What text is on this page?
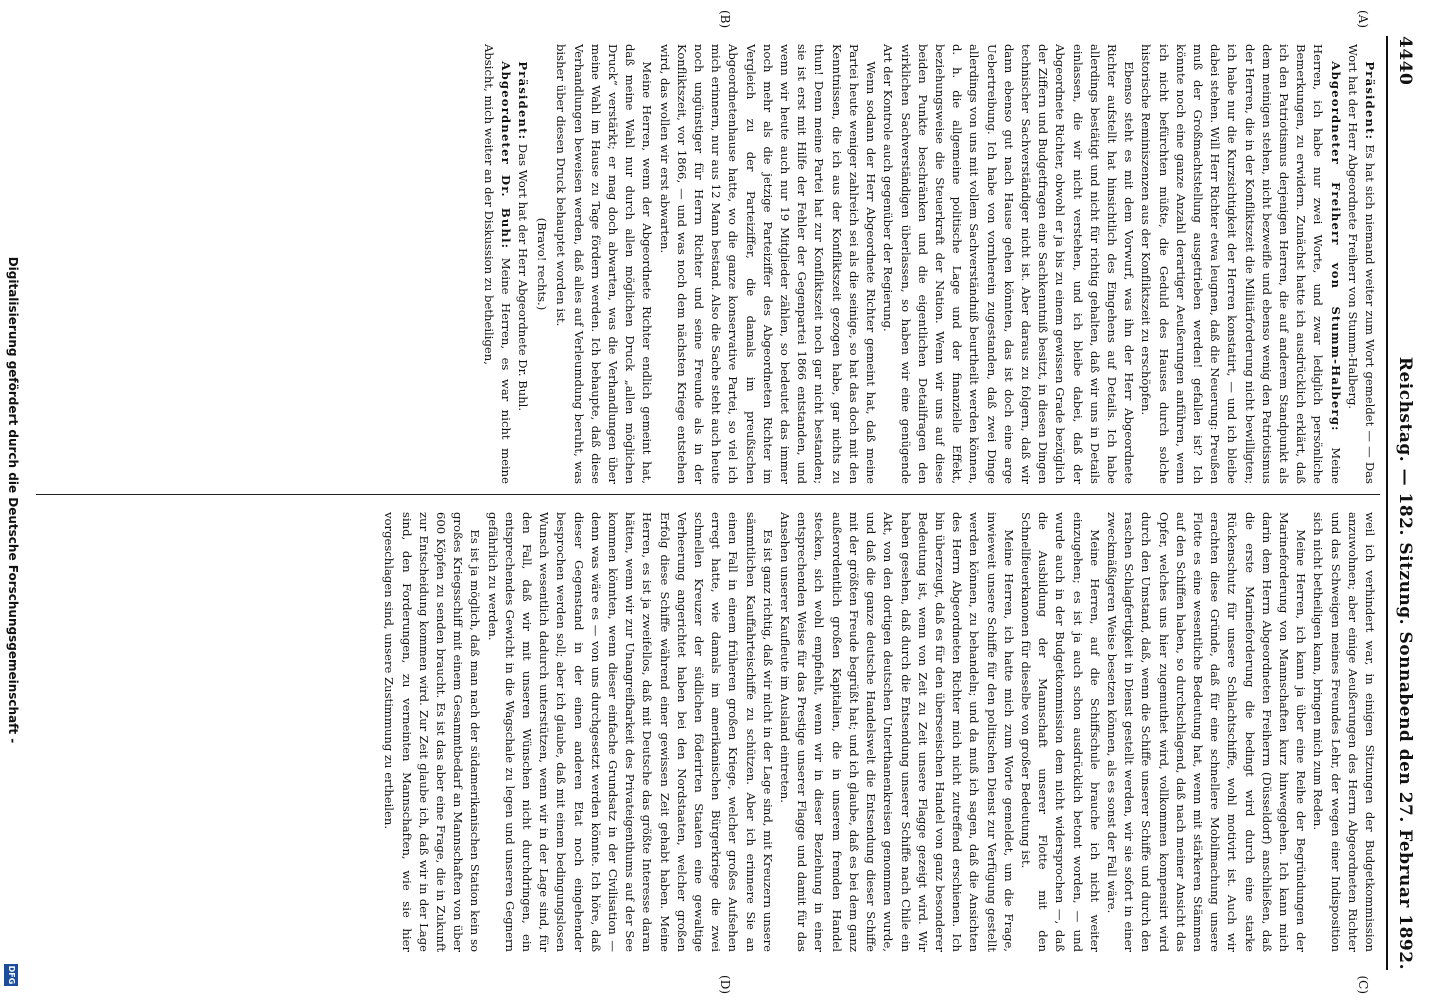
4440
Reichstag. — 182. Sitzung. Sonnabend den 27. Februar 1892.
(A)
(B)
(C)
(D)

Präsident: Es hat sich niemand weiter zum Wort gemeldet — — Das Wort hat der Herr Abgeordnete Freiherr von Stumm-Halberg.

Abgeordneter Freiherr von Stumm-Halberg: Meine Herren, ich habe nur zwei Worte, und zwar lediglich persönliche Bemerkungen, zu erwidern. Zunächst hatte ich ausdrücklich erklärt, daß ich den Patriotismus derjenigen Herren, die auf anderem Standpunkt als dem meinigen stehen, nicht bezweifle und ebenso wenig den Patriotismus der Herren, die in der Konfliktszeit die Militärforderung nicht bewilligten; ich habe nur die Kurzsichtigkeit der Herren konstatirt, — und ich bleibe dabei stehen. Will Herr Richter etwa leugnen, daß die Neuerung: Preußen muß der Großmachtstellung ausgetrieben werden! gefallen ist? Ich könnte noch eine ganze Anzahl derartiger Aeußerungen anführen, wenn ich nicht befürchten müßte, die Geduld des Hauses durch solche historische Reminiszenzen aus der Konfliktszeit zu erschöpfen.

Ebenso steht es mit dem Vorwurf, was ihn der Herr Abgeordnete Richter aufstellt hat hinsichtlich des Eingehens auf Details. Ich habe allerdings bestätigt und nicht für richtig gehalten, daß wir uns in Details einlassen, die wir nicht verstehen, und ich bleibe dabei, daß der Abgeordnete Richter, obwohl er ja bis zu einem gewissen Grade bezüglich der Ziffern und Budgetfragen eine Sachkenntniß besitzt, in diesen Dingen technischer Sachverständiger nicht ist. Aber daraus zu folgern, daß wir dann ebenso gut nach Hause gehen könnten, das ist doch eine arge Uebertreibung. Ich habe von vornherein zugestanden, daß zwei Dinge allerdings von uns mit vollem Sachverständniß beurtheilt werden können, d. h. die allgemeine politische Lage und der finanzielle Effekt, beziehungsweise die Steuerkraft der Nation. Wenn wir uns auf diese beiden Punkte beschränken und die eigentlichen Detailfragen den wirklichen Sachverständigen überlassen, so haben wir eine genügende Art der Kontrole auch gegenüber der Regierung.

Wenn sodann der Herr Abgeordnete Richter gemeint hat, daß meine Partei heute weniger zahlreich sei als die seinige, so hat das doch mit den Kenntnissen, die ich aus der Konfliktszeit gezogen habe, gar nichts zu thun! Denn meine Partei hat zur Konfliktszeit noch gar nicht bestanden; sie ist erst mit Hilfe der Fehler der Gegenpartei 1866 entstanden, und wenn wir heute auch nur 19 Mitglieder zählen, so bedeutet das immer noch mehr als die jetzige Parteiziffer des Abgeordneten Richter im Vergleich zu der Parteiziffer, die damals im preußischen Abgeordnetenhause hatte, wo die ganze konservative Partei, so viel ich mich erinnern, nur aus 12 Mann bestand. Also die Sache steht auch heute noch ungünstiger für Herrn Richter und seine Freunde als in der Konfliktszeit, vor 1866, — und was noch dem nächsten Kriege entstehen wird, das wollen wir erst abwarten.

Meine Herren, wenn der Abgeordnete Richter endlich gemeint hat, daß meine Wahl nur durch allen möglichen Druck „allen möglichen Druck“ verstärkt; er mag doch abwarten, was die Verhandlungen über meine Wahl im Hause zu Tage fördern werden. Ich behaupte, daß diese Verhandlungen beweisen werden, daß alles auf Verleumdung beruht, was bisher über diesen Druck behauptet worden ist.

(Bravo! rechts.)

Präsident: Das Wort hat der Herr Abgeordnete Dr. Buhl.

Abgeordneter Dr. Buhl: Meine Herren, es war nicht meine Absicht, mich weiter an der Diskussion zu betheiligen,

weil ich verhindert war, in einigen Sitzungen der Budgetkommission anzuwohnen; aber einige Aeußerungen des Herrn Abgeordneten Richter und das Schweigen meines Freundes Lehr, der wegen einer Indisposition sich nicht betheiligen kann, bringen mich zum Reden.

Meine Herren, ich kann ja über eine Reihe der Begründungen der Marineforderung von Mannschaften kurz hinweggehen. Ich kann mich darin dem Herrn Abgeordneten Freiherrn (Düsseldorf) anschließen, daß die erste Marineforderung die bedingt wird durch eine starke Rückenschutz für unsere Schlachtschiffe, wohl motivirt ist. Auch wir erachten diese Gründe, daß für eine schnellere Mobilmachung unsere Flotte es eine wesentliche Bedeutung hat, wenn mit stärkeren Stämmen auf den Schiffen haben, so durchschlagend, daß nach meiner Ansicht das Opfer, welches uns hier zugemuthet wird, vollkommen kompensirt wird durch den Umstand, daß, wenn die Schiffe unserer Schiffe und durch den raschen Schlagfertigkeit in Dienst gestellt werden, wir sie sofort in einer zweckmäßigeren Weise besetzen können, als es sonst der Fall wäre.

Meine Herren, auf die Schiffschule brauche ich nicht weiter einzugehen; es ist ja auch schon ausdrücklich betont worden, — und wurde auch in der Budgetkommission dem nicht widersprochen —, daß die Ausbildung der Mannschaft unserer Flotte mit den Schnellfeuerkanonen für dieselbe von großer Bedeutung ist.

Meine Herren, ich hatte mich zum Worte gemeldet, um die Frage, inwieweit unsere Schiffe für den politischen Dienst zur Verfügung gestellt werden können, zu behandeln; und da muß ich sagen, daß die Ansichten des Herrn Abgeordneten Richter mich nicht zutreffend erschienen. Ich bin überzeugt, daß es für den überseeischen Handel von ganz besonderer Bedeutung ist, wenn von Zeit zu Zeit unsere Flagge gezeigt wird. Wir haben gesehen, daß durch die Entsendung unserer Schiffe nach Chile ein Akt, von den dortigen deutschen Unterthanenkreisen genommen wurde, und daß die ganze deutsche Handelswelt die Entsendung dieser Schiffe mit der größten Freude begrüßt hat; und ich glaube, daß es bei dem ganz außerordentlich großen Kapitalien, die in unserem fremden Handel stecken, sich wohl empfiehlt, wenn wir in dieser Beziehung in einer entsprechenden Weise für das Prestige unserer Flagge und damit für das Ansehen unserer Kaufleute im Ausland eintreten.

Es ist ganz richtig, daß wir nicht in der Lage sind, mit Kreuzern unsere sämmtlichen Kauffahrteischiffe zu schützen. Aber ich erinnere Sie an einen Fall in einem früheren großen Kriege, welcher großes Aufsehen erregt hatte, wie damals im amerikanischen Bürgerkriege die zwei schnellen Kreuzer der südlichen föderirten Staaten eine gewaltige Verheerung angerichtet haben bei den Nordstaaten, welcher großen Erfolg diese Schiffe während einer gewissen Zeit gehabt haben. Meine Herren, es ist ja zweifellos, daß mit Deutsche das größte Interesse daran hätten, wenn wir zur Unangreifbarkeit des Privateigenthums auf der See kommen könnten, wenn dieser einfache Grundsatz in der Civilisation — denn was wäre es — von uns durchgesetzt werden könnte. Ich höre, daß dieser Gegenstand in der einen anderen Etat noch eingehender besprochen werden soll; aber ich glaube, daß mit einem bedingungslosen Wunsch wesentlich dadurch unterstützen, wenn wir in der Lage sind, für den Fall, daß wir mit unseren Wünschen nicht durchdringen, ein entsprechendes Gewicht in die Wagschale zu legen und unseren Gegnern gefährlich zu werden.

Es ist ja möglich, daß man nach der südamerikanischen Station kein so großes Kriegsschiff mit einem Gesammtbedarf an Mannschaften von über 600 Köpfen zu senden braucht. Es ist das aber eine Frage, die in Zukunft zur Entscheidung kommen wird. Zur Zeit glaube ich, daß wir in der Lage sind, den Forderungen, zu verneinten Mannschaften, wie sie hier vorgeschlagen sind, unsere Zustimmung zu ertheilen.

Digitalisierung gefördert durch die Deutsche Forschungsgemeinschaft -
DFG
